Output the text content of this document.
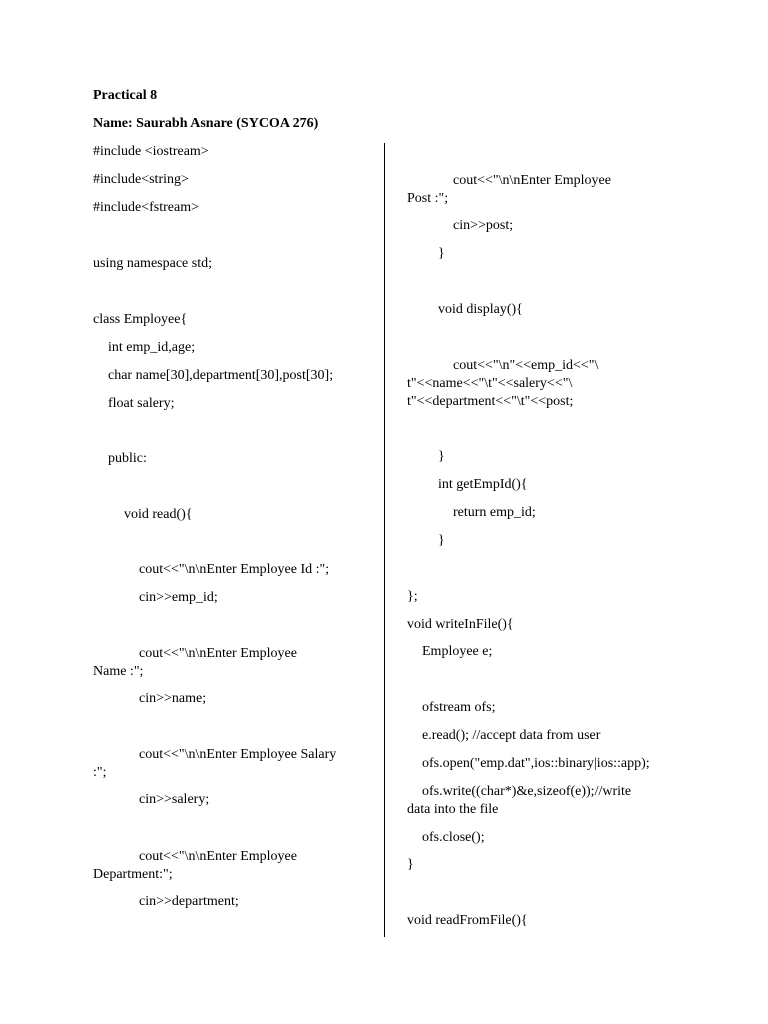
Practical 8
Name: Saurabh Asnare (SYCOA 276)
#include <iostream>
#include<string>
#include<fstream>
using namespace std;
class Employee{
int emp_id,age;
char name[30],department[30],post[30];
float salery;
public:
void read(){
cout<<"\n\nEnter Employee Id :";
cin>>emp_id;
cout<<"\n\nEnter Employee
Name :";
cin>>name;
cout<<"\n\nEnter Employee Salary
:";
cin>>salery;
cout<<"\n\nEnter Employee
Department:";
cin>>department;
cout<<"\n\nEnter Employee
Post :";
cin>>post;
}
void display(){
cout<<"\n"<<emp_id<<"\
t"<<name<<"\t"<<salery<<"\
t"<<department<<"\t"<<post;
}
int getEmpId(){
return emp_id;
}
};
void writeInFile(){
Employee e;
ofstream ofs;
e.read(); //accept data from user
ofs.open("emp.dat",ios::binary|ios::app);
ofs.write((char*)&e,sizeof(e));//write
data into the file
ofs.close();
}
void readFromFile(){
